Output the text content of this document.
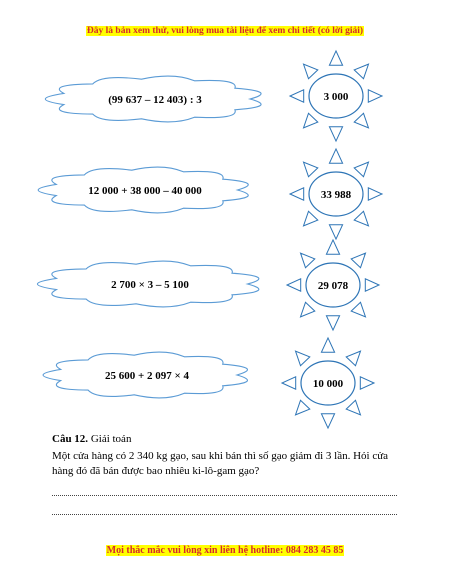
Đây là bản xem thử, vui lòng mua tài liệu để xem chi tiết (có lời giải)
(99 637 – 12 403) : 3
12 000 + 38 000 – 40 000
2 700 × 3 – 5 100
25 600 + 2 097 × 4
3 000
33 988
29 078
10 000
Câu 12. Giải toán
Một cửa hàng có 2 340 kg gạo, sau khi bán thì số gạo giảm đi 3 lần. Hỏi cửa hàng đó đã bán được bao nhiêu ki-lô-gam gạo?
Mọi thắc mắc vui lòng xin liên hệ hotline: 084 283 45 85
